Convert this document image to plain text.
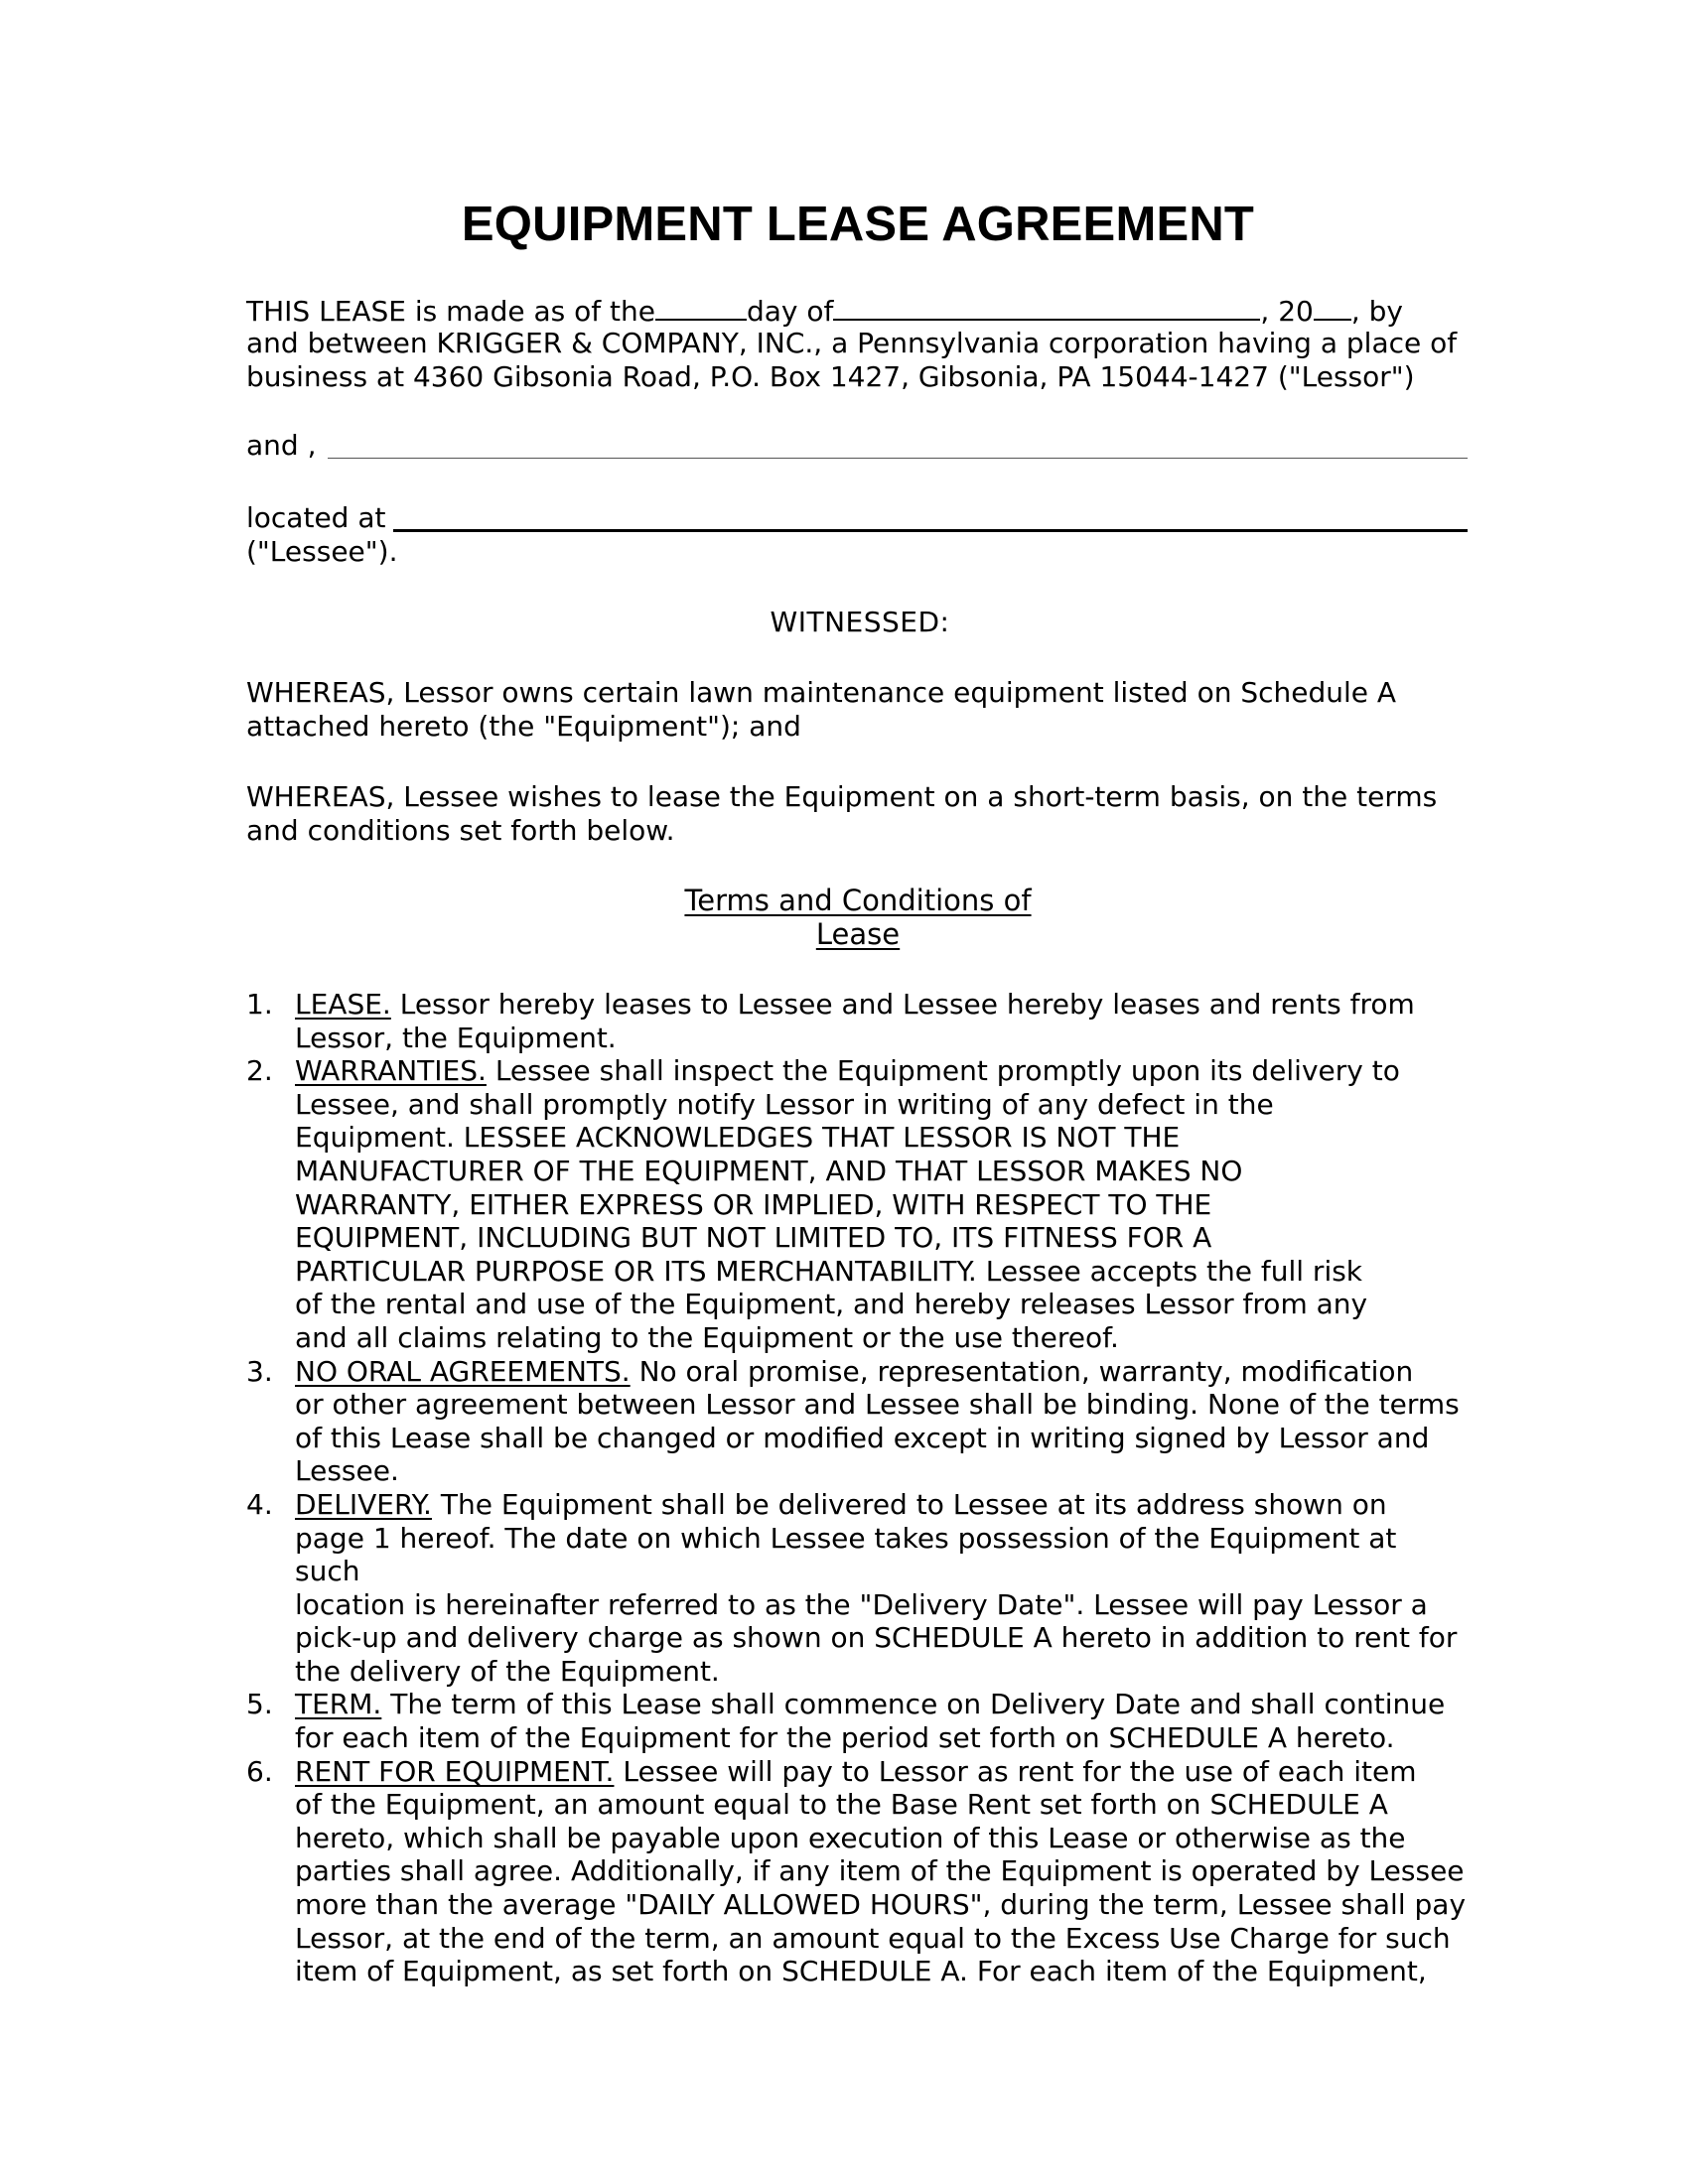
EQUIPMENT LEASE AGREEMENT
THIS LEASE is made as of the	day of	, 20 , by
and between KRIGGER & COMPANY, INC., a Pennsylvania corporation having a place of
business at 4360 Gibsonia Road, P.O. Box 1427, Gibsonia, PA 15044-1427 ("Lessor")
and ,
located at
("Lessee").
WITNESSED:
WHEREAS, Lessor owns certain lawn maintenance equipment listed on Schedule A
attached hereto (the "Equipment"); and
WHEREAS, Lessee wishes to lease the Equipment on a short-term basis, on the terms
and conditions set forth below.
Terms and Conditions of
Lease
1. LEASE. Lessor hereby leases to Lessee and Lessee hereby leases and rents from
Lessor, the Equipment.
2. WARRANTIES. Lessee shall inspect the Equipment promptly upon its delivery to
Lessee, and shall promptly notify Lessor in writing of any defect in the
Equipment. LESSEE ACKNOWLEDGES THAT LESSOR IS NOT THE
MANUFACTURER OF THE EQUIPMENT, AND THAT LESSOR MAKES NO
WARRANTY, EITHER EXPRESS OR IMPLIED, WITH RESPECT TO THE
EQUIPMENT, INCLUDING BUT NOT LIMITED TO, ITS FITNESS FOR A
PARTICULAR PURPOSE OR ITS MERCHANTABILITY. Lessee accepts the full risk
of the rental and use of the Equipment, and hereby releases Lessor from any
and all claims relating to the Equipment or the use thereof.
3. NO ORAL AGREEMENTS. No oral promise, representation, warranty, modification
or other agreement between Lessor and Lessee shall be binding. None of the terms
of this Lease shall be changed or modified except in writing signed by Lessor and
Lessee.
4. DELIVERY. The Equipment shall be delivered to Lessee at its address shown on
page 1 hereof. The date on which Lessee takes possession of the Equipment at such
location is hereinafter referred to as the "Delivery Date". Lessee will pay Lessor a
pick-up and delivery charge as shown on SCHEDULE A hereto in addition to rent for
the delivery of the Equipment.
5. TERM. The term of this Lease shall commence on Delivery Date and shall continue
for each item of the Equipment for the period set forth on SCHEDULE A hereto.
6. RENT FOR EQUIPMENT. Lessee will pay to Lessor as rent for the use of each item
of the Equipment, an amount equal to the Base Rent set forth on SCHEDULE A
hereto, which shall be payable upon execution of this Lease or otherwise as the
parties shall agree. Additionally, if any item of the Equipment is operated by Lessee
more than the average "DAILY ALLOWED HOURS", during the term, Lessee shall pay
Lessor, at the end of the term, an amount equal to the Excess Use Charge for such
item of Equipment, as set forth on SCHEDULE A. For each item of the Equipment,
